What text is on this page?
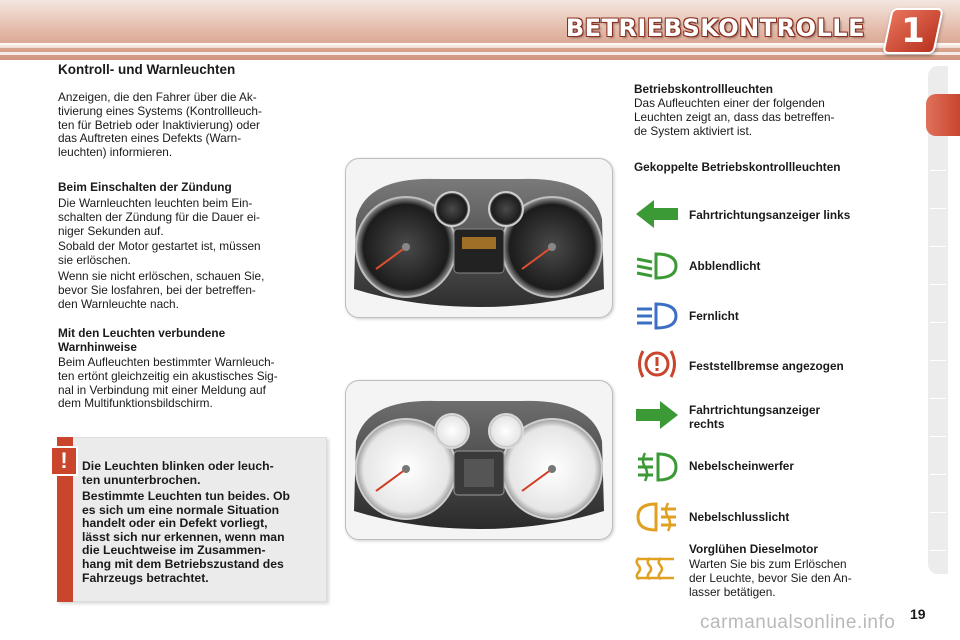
BETRIEBSKONTROLLE	1
Kontroll- und Warnleuchten
Anzeigen, die den Fahrer über die Ak-
tivierung eines Systems (Kontrollleuch-
ten für Betrieb oder Inaktivierung) oder
das Auftreten eines Defekts (Warn-
leuchten) informieren.
Beim Einschalten der Zündung
Die Warnleuchten leuchten beim Ein-
schalten der Zündung für die Dauer ei-
niger Sekunden auf.
Sobald der Motor gestartet ist, müssen
sie erlöschen.
Wenn sie nicht erlöschen, schauen Sie,
bevor Sie losfahren, bei der betreffen-
den Warnleuchte nach.
Mit den Leuchten verbundene
Warnhinweise
Beim Aufleuchten bestimmter Warnleuch-
ten ertönt gleichzeitig ein akustisches Sig-
nal in Verbindung mit einer Meldung auf
dem Multifunktionsbildschirm.
!	Die Leuchten blinken oder leuch-
ten ununterbrochen.
Bestimmte Leuchten tun beides. Ob
es sich um eine normale Situation
handelt oder ein Defekt vorliegt,
lässt sich nur erkennen, wenn man
die Leuchtweise im Zusammen-
hang mit dem Betriebszustand des
Fahrzeugs betrachtet.
Betriebskontrollleuchten
Das Aufleuchten einer der folgenden
Leuchten zeigt an, dass das betreffen-
de System aktiviert ist.
Gekoppelte Betriebskontrollleuchten
Fahrtrichtungsanzeiger links
Abblendlicht
Fernlicht
Feststellbremse angezogen
Fahrtrichtungsanzeiger
rechts
Nebelscheinwerfer
Nebelschlusslicht
Vorglühen Dieselmotor
Warten Sie bis zum Erlöschen
der Leuchte, bevor Sie den An-
lasser betätigen.
carmanualsonline.info 19
